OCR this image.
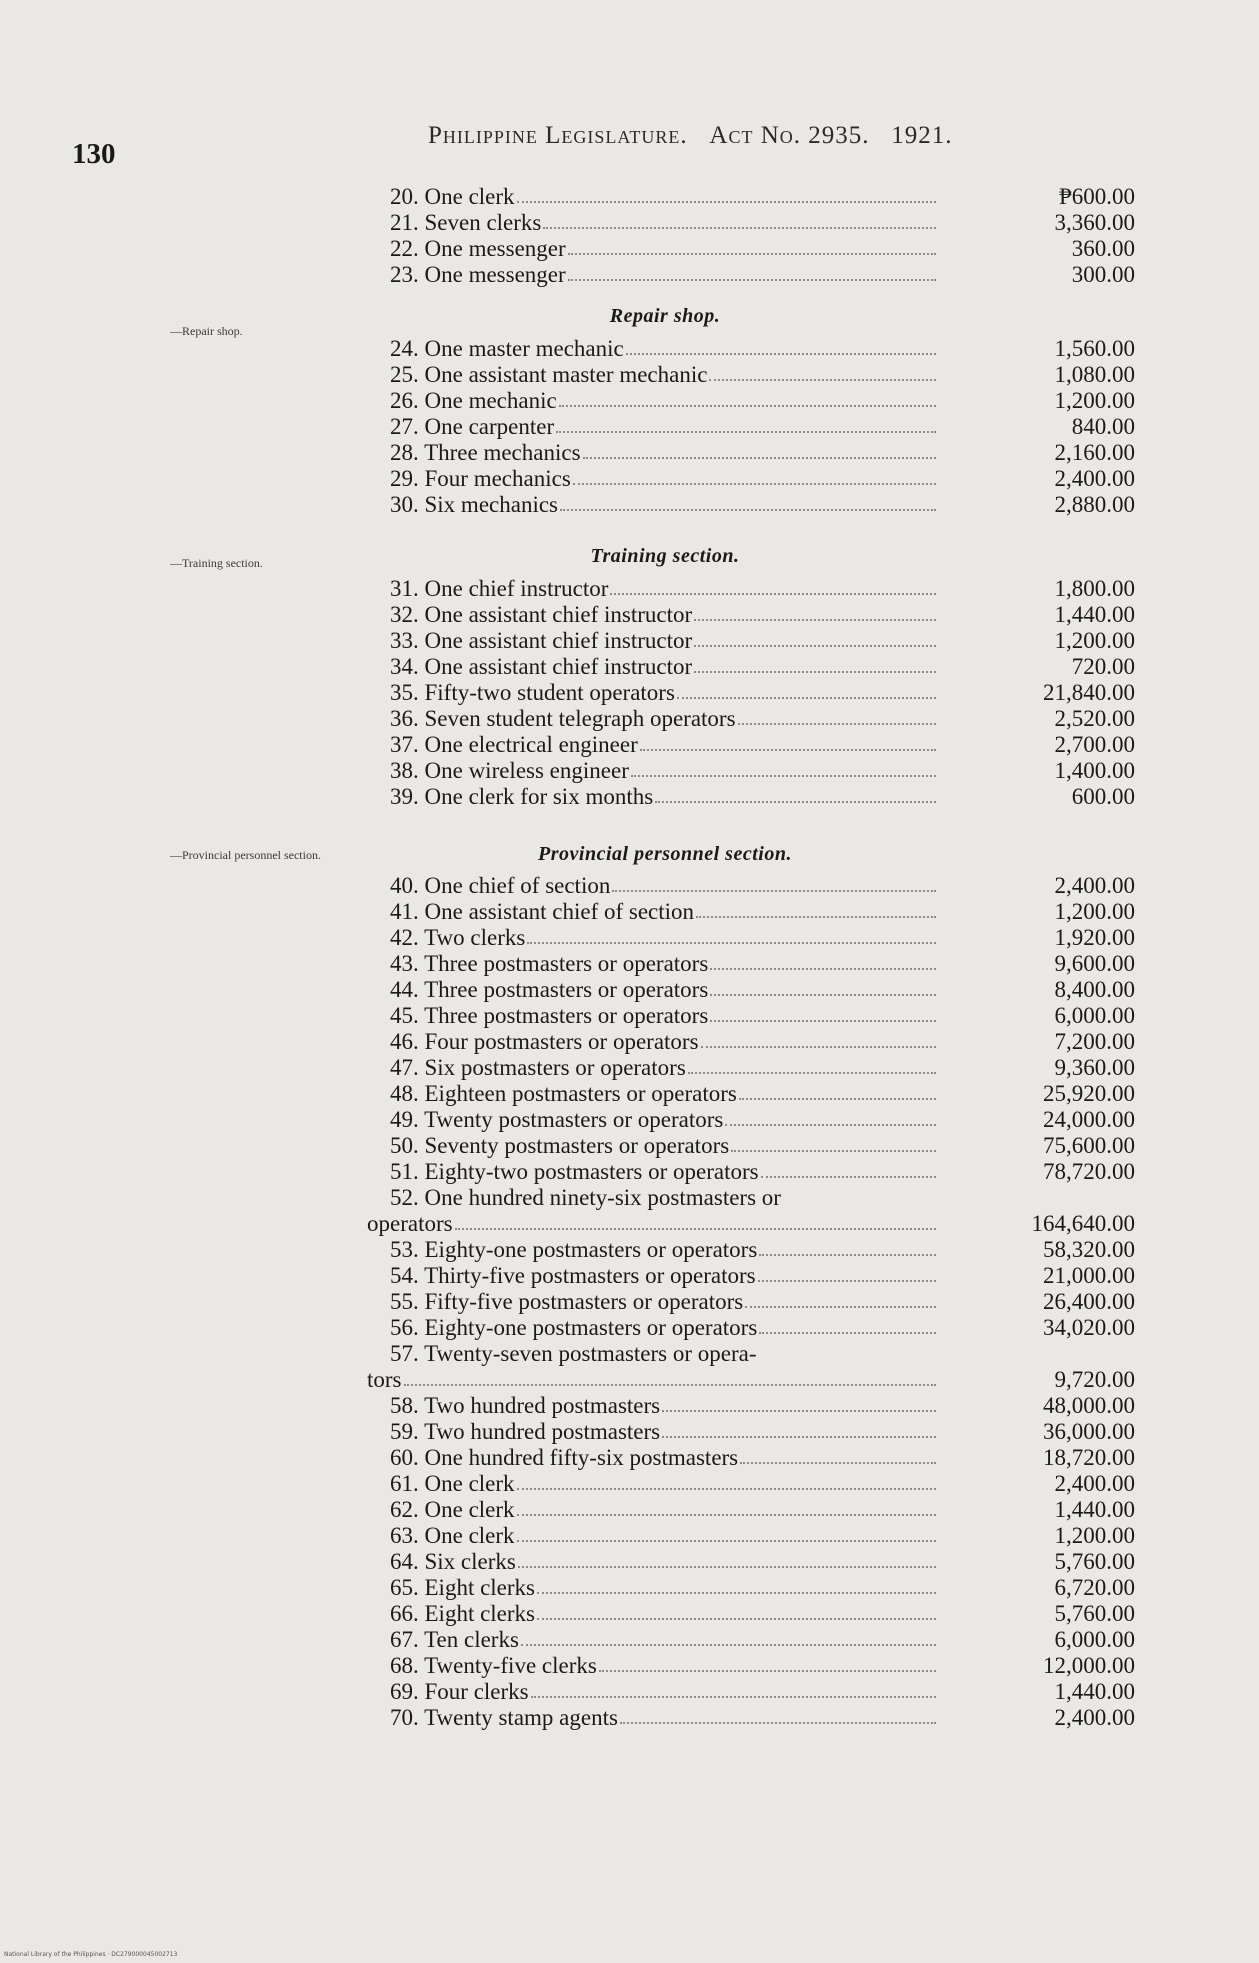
130
Philippine Legislature. Act No. 2935. 1921.
Repair shop.
Training section.
Provincial personnel section.
—Repair shop.
—Training section.
—Provincial personnel section.
20. One clerk	₱600.00
21. Seven clerks	3,360.00
22. One messenger	360.00
23. One messenger	300.00
24. One master mechanic	1,560.00
25. One assistant master mechanic	1,080.00
26. One mechanic	1,200.00
27. One carpenter	840.00
28. Three mechanics	2,160.00
29. Four mechanics	2,400.00
30. Six mechanics	2,880.00
31. One chief instructor	1,800.00
32. One assistant chief instructor	1,440.00
33. One assistant chief instructor	1,200.00
34. One assistant chief instructor	720.00
35. Fifty-two student operators	21,840.00
36. Seven student telegraph operators	2,520.00
37. One electrical engineer	2,700.00
38. One wireless engineer	1,400.00
39. One clerk for six months	600.00
40. One chief of section	2,400.00
41. One assistant chief of section	1,200.00
42. Two clerks	1,920.00
43. Three postmasters or operators	9,600.00
44. Three postmasters or operators	8,400.00
45. Three postmasters or operators	6,000.00
46. Four postmasters or operators	7,200.00
47. Six postmasters or operators	9,360.00
48. Eighteen postmasters or operators	25,920.00
49. Twenty postmasters or operators	24,000.00
50. Seventy postmasters or operators	75,600.00
51. Eighty-two postmasters or operators	78,720.00
52. One hundred ninety-six postmasters or
operators	164,640.00
53. Eighty-one postmasters or operators	58,320.00
54. Thirty-five postmasters or operators	21,000.00
55. Fifty-five postmasters or operators	26,400.00
56. Eighty-one postmasters or operators	34,020.00
57. Twenty-seven postmasters or opera-
tors	9,720.00
58. Two hundred postmasters	48,000.00
59. Two hundred postmasters	36,000.00
60. One hundred fifty-six postmasters	18,720.00
61. One clerk	2,400.00
62. One clerk	1,440.00
63. One clerk	1,200.00
64. Six clerks	5,760.00
65. Eight clerks	6,720.00
66. Eight clerks	5,760.00
67. Ten clerks	6,000.00
68. Twenty-five clerks	12,000.00
69. Four clerks	1,440.00
70. Twenty stamp agents	2,400.00
National Library of the Philippines · DC279000045002713
